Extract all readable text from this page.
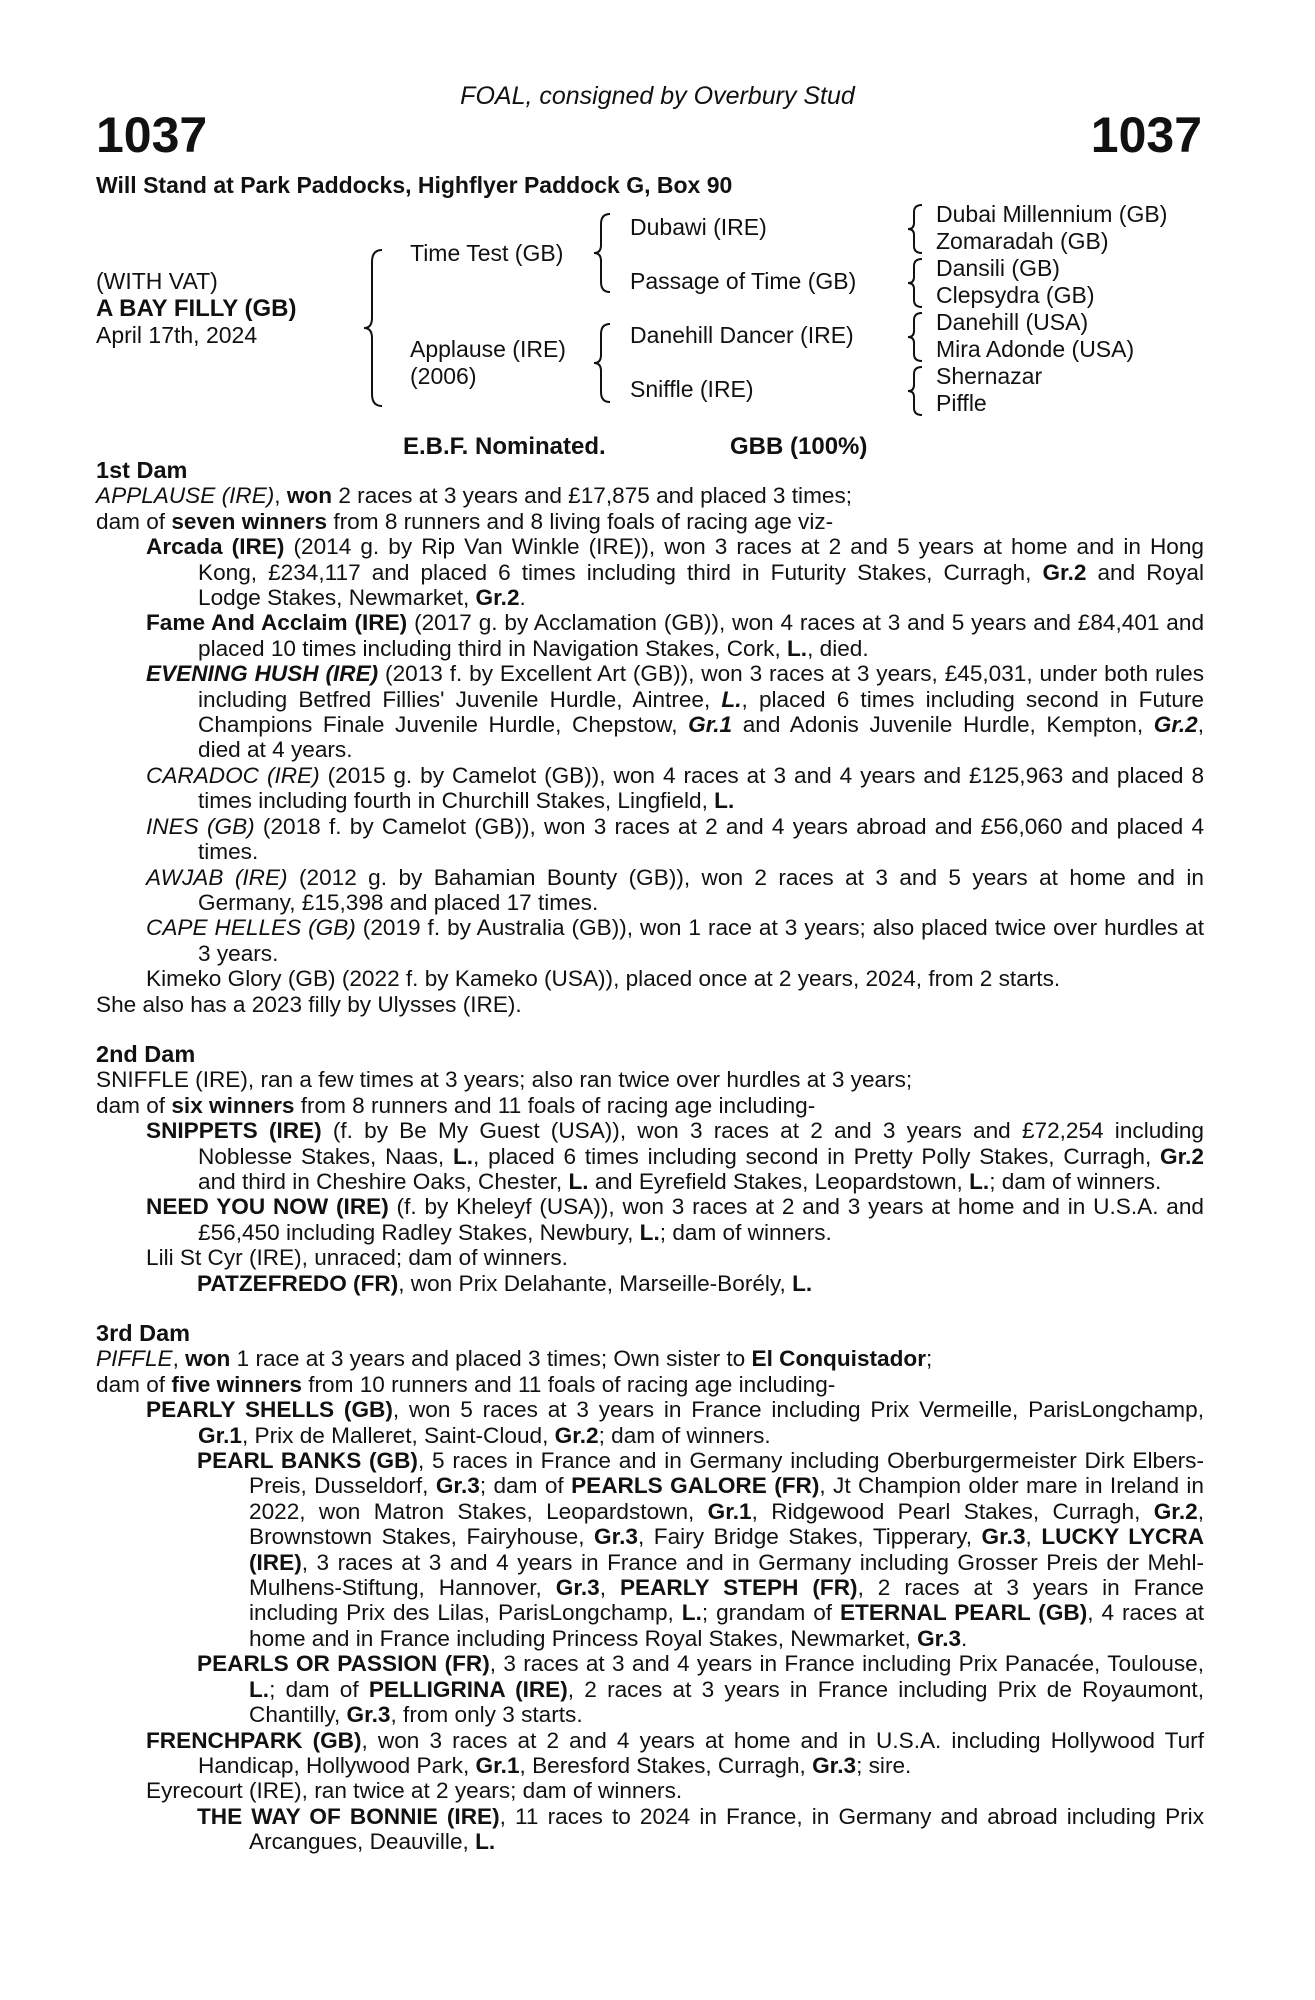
FOAL, consigned by Overbury Stud
1037	1037
Will Stand at Park Paddocks, Highflyer Paddock G, Box 90
(WITH VAT)
A BAY FILLY (GB)
April 17th, 2024
Time Test (GB)
Applause (IRE)
(2006)
Dubawi (IRE)
Passage of Time (GB)
Danehill Dancer (IRE)
Sniffle (IRE)
Dubai Millennium (GB)
Zomaradah (GB)
Dansili (GB)
Clepsydra (GB)
Danehill (USA)
Mira Adonde (USA)
Shernazar
Piffle
E.B.F. Nominated.	GBB (100%)
1st Dam
APPLAUSE (IRE), won 2 races at 3 years and £17,875 and placed 3 times;
dam of seven winners from 8 runners and 8 living foals of racing age viz-
Arcada (IRE) (2014 g. by Rip Van Winkle (IRE)), won 3 races at 2 and 5 years at home and in Hong Kong, £234,117 and placed 6 times including third in Futurity Stakes, Curragh, Gr.2 and Royal Lodge Stakes, Newmarket, Gr.2.
Fame And Acclaim (IRE) (2017 g. by Acclamation (GB)), won 4 races at 3 and 5 years and £84,401 and placed 10 times including third in Navigation Stakes, Cork, L., died.
EVENING HUSH (IRE) (2013 f. by Excellent Art (GB)), won 3 races at 3 years, £45,031, under both rules including Betfred Fillies' Juvenile Hurdle, Aintree, L., placed 6 times including second in Future Champions Finale Juvenile Hurdle, Chepstow, Gr.1 and Adonis Juvenile Hurdle, Kempton, Gr.2, died at 4 years.
CARADOC (IRE) (2015 g. by Camelot (GB)), won 4 races at 3 and 4 years and £125,963 and placed 8 times including fourth in Churchill Stakes, Lingfield, L.
INES (GB) (2018 f. by Camelot (GB)), won 3 races at 2 and 4 years abroad and £56,060 and placed 4 times.
AWJAB (IRE) (2012 g. by Bahamian Bounty (GB)), won 2 races at 3 and 5 years at home and in Germany, £15,398 and placed 17 times.
CAPE HELLES (GB) (2019 f. by Australia (GB)), won 1 race at 3 years; also placed twice over hurdles at 3 years.
Kimeko Glory (GB) (2022 f. by Kameko (USA)), placed once at 2 years, 2024, from 2 starts.
She also has a 2023 filly by Ulysses (IRE).
2nd Dam
SNIFFLE (IRE), ran a few times at 3 years; also ran twice over hurdles at 3 years;
dam of six winners from 8 runners and 11 foals of racing age including-
SNIPPETS (IRE) (f. by Be My Guest (USA)), won 3 races at 2 and 3 years and £72,254 including Noblesse Stakes, Naas, L., placed 6 times including second in Pretty Polly Stakes, Curragh, Gr.2 and third in Cheshire Oaks, Chester, L. and Eyrefield Stakes, Leopardstown, L.; dam of winners.
NEED YOU NOW (IRE) (f. by Kheleyf (USA)), won 3 races at 2 and 3 years at home and in U.S.A. and £56,450 including Radley Stakes, Newbury, L.; dam of winners.
Lili St Cyr (IRE), unraced; dam of winners.
PATZEFREDO (FR), won Prix Delahante, Marseille-Borély, L.
3rd Dam
PIFFLE, won 1 race at 3 years and placed 3 times; Own sister to El Conquistador;
dam of five winners from 10 runners and 11 foals of racing age including-
PEARLY SHELLS (GB), won 5 races at 3 years in France including Prix Vermeille, ParisLongchamp, Gr.1, Prix de Malleret, Saint-Cloud, Gr.2; dam of winners.
PEARL BANKS (GB), 5 races in France and in Germany including Oberburgermeister Dirk Elbers-Preis, Dusseldorf, Gr.3; dam of PEARLS GALORE (FR), Jt Champion older mare in Ireland in 2022, won Matron Stakes, Leopardstown, Gr.1, Ridgewood Pearl Stakes, Curragh, Gr.2, Brownstown Stakes, Fairyhouse, Gr.3, Fairy Bridge Stakes, Tipperary, Gr.3, LUCKY LYCRA (IRE), 3 races at 3 and 4 years in France and in Germany including Grosser Preis der Mehl-Mulhens-Stiftung, Hannover, Gr.3, PEARLY STEPH (FR), 2 races at 3 years in France including Prix des Lilas, ParisLongchamp, L.; grandam of ETERNAL PEARL (GB), 4 races at home and in France including Princess Royal Stakes, Newmarket, Gr.3.
PEARLS OR PASSION (FR), 3 races at 3 and 4 years in France including Prix Panacée, Toulouse, L.; dam of PELLIGRINA (IRE), 2 races at 3 years in France including Prix de Royaumont, Chantilly, Gr.3, from only 3 starts.
FRENCHPARK (GB), won 3 races at 2 and 4 years at home and in U.S.A. including Hollywood Turf Handicap, Hollywood Park, Gr.1, Beresford Stakes, Curragh, Gr.3; sire.
Eyrecourt (IRE), ran twice at 2 years; dam of winners.
THE WAY OF BONNIE (IRE), 11 races to 2024 in France, in Germany and abroad including Prix Arcangues, Deauville, L.
